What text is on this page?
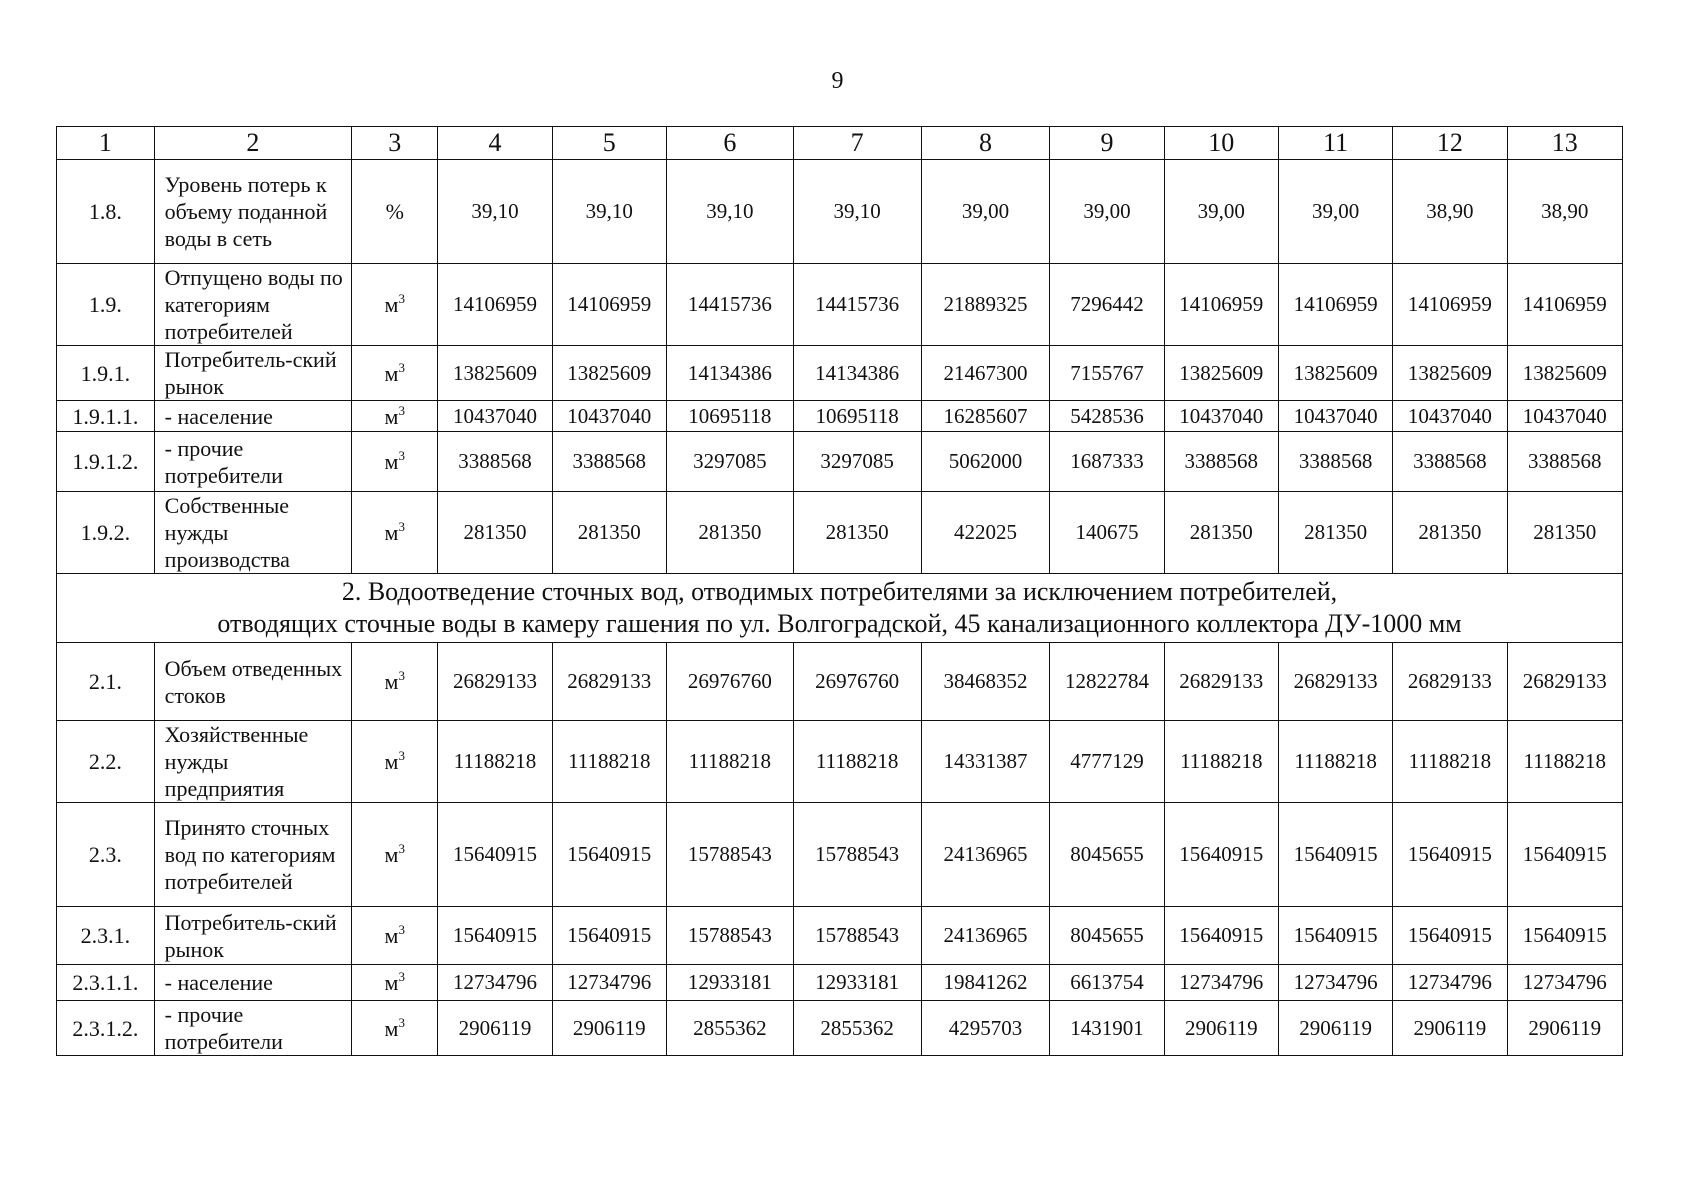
9
1	2	3	4	5	6	7	8	9	10	11	12	13
1.8.	Уровень потерь к объему поданной воды в сеть	%	39,10	39,10	39,10	39,10	39,00	39,00	39,00	39,00	38,90	38,90
1.9.	Отпущено воды по категориям потребителей	$м^3$	14106959	14106959	14415736	14415736	21889325	7296442	14106959	14106959	14106959	14106959
1.9.1.	Потребитель-ский рынок	$м^3$	13825609	13825609	14134386	14134386	21467300	7155767	13825609	13825609	13825609	13825609
1.9.1.1.	- население	$м^3$	10437040	10437040	10695118	10695118	16285607	5428536	10437040	10437040	10437040	10437040
1.9.1.2.	- прочие потребители	$м^3$	3388568	3388568	3297085	3297085	5062000	1687333	3388568	3388568	3388568	3388568
1.9.2.	Собственные нужды производства	$м^3$	281350	281350	281350	281350	422025	140675	281350	281350	281350	281350

2. Водоотведение сточных вод, отводимых потребителями за исключением потребителей,
отводящих сточные воды в камеру гашения по ул. Волгоградской, 45 канализационного коллектора ДУ-1000 мм												

2.1.	Объем отведенных стоков	$м^3$	26829133	26829133	26976760	26976760	38468352	12822784	26829133	26829133	26829133	26829133
2.2.	Хозяйственные нужды предприятия	$м^3$	11188218	11188218	11188218	11188218	14331387	4777129	11188218	11188218	11188218	11188218
2.3.	Принято сточных вод по категориям потребителей	$м^3$	15640915	15640915	15788543	15788543	24136965	8045655	15640915	15640915	15640915	15640915
2.3.1.	Потребитель-ский рынок	$м^3$	15640915	15640915	15788543	15788543	24136965	8045655	15640915	15640915	15640915	15640915
2.3.1.1.	- население	$м^3$	12734796	12734796	12933181	12933181	19841262	6613754	12734796	12734796	12734796	12734796
2.3.1.2.	- прочие потребители	$м^3$	2906119	2906119	2855362	2855362	4295703	1431901	2906119	2906119	2906119	2906119
